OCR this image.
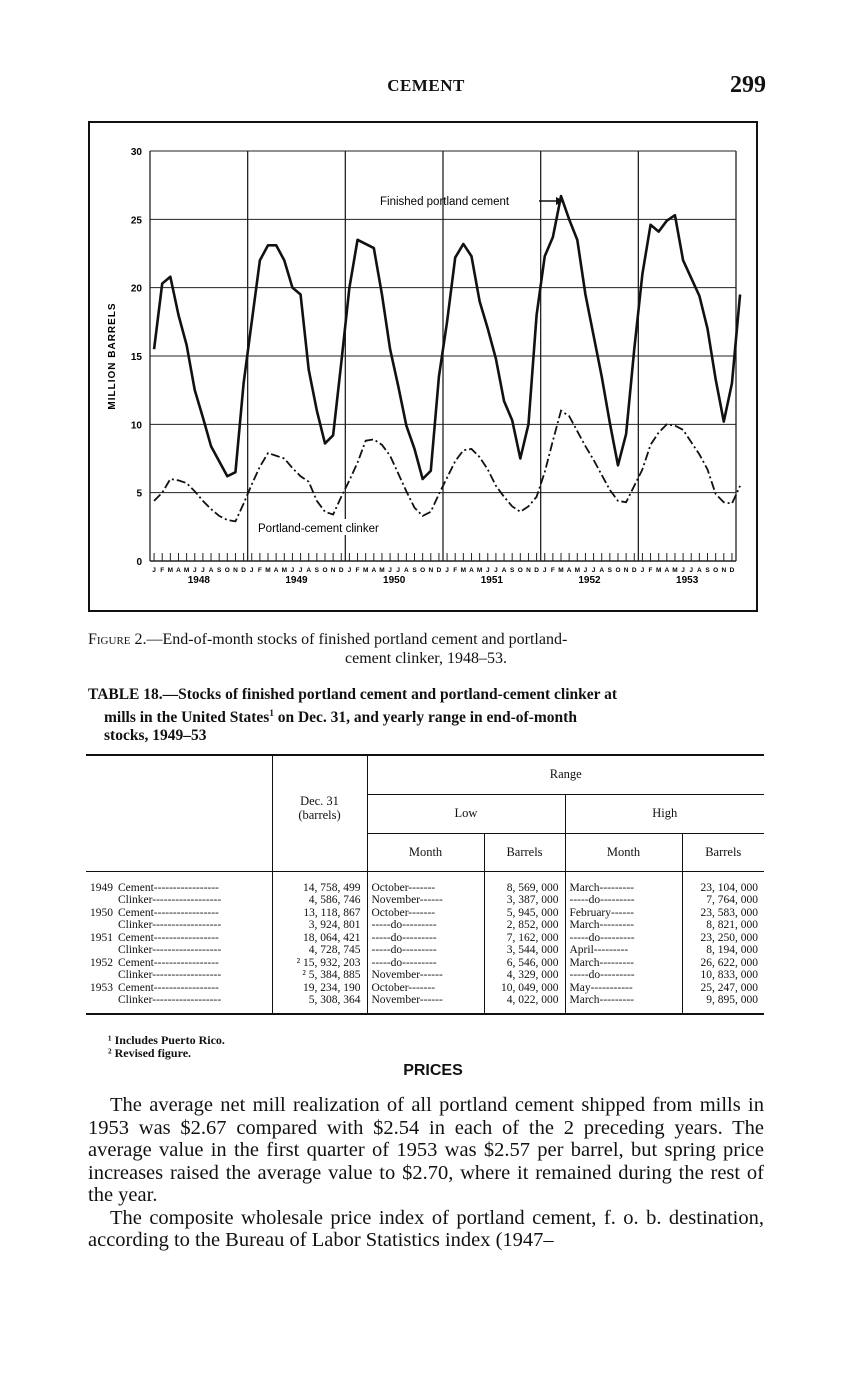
CEMENT	299
0
5
10
15
20
25
30
J F M A M J J A S O N D J F M A M J J A S O N D J F M A M J J A S O N D J F M A M J J A S O N D J F M A M J J A S O N D J F M A M J J A S O N D
1948	1949	1950	1951	1952	1953
MILLION BARRELS
Finished portland cement
Portland-cement clinker
Figure 2.—End-of-month stocks of finished portland cement and portland-
cement clinker, 1948–53.
TABLE 18.—Stocks of finished portland cement and portland-cement clinker at
mills in the United States$^1$ on Dec. 31, and yearly range in end-of-month
stocks, 1949–53
		Range			
	Dec. 31
(barrels)	Low		High	
		Month	Barrels	Month	Barrels

1949 Cement-----------------	14, 758, 499	October-------	8, 569, 000	March---------	23, 104, 000
Clinker------------------	4, 586, 746	November------	3, 387, 000	-----do---------	7, 764, 000
1950 Cement-----------------	13, 118, 867	October-------	5, 945, 000	February------	23, 583, 000
Clinker------------------	3, 924, 801	-----do---------	2, 852, 000	March---------	8, 821, 000
1951 Cement-----------------	18, 064, 421	-----do---------	7, 162, 000	-----do---------	23, 250, 000
Clinker------------------	4, 728, 745	-----do---------	3, 544, 000	April---------	8, 194, 000
1952 Cement-----------------	² 15, 932, 203	-----do---------	6, 546, 000	March---------	26, 622, 000
Clinker------------------	² 5, 384, 885	November------	4, 329, 000	-----do---------	10, 833, 000
1953 Cement-----------------	19, 234, 190	October-------	10, 049, 000	May-----------	25, 247, 000
Clinker------------------	5, 308, 364	November------	4, 022, 000	March---------	9, 895, 000

¹ Includes Puerto Rico.
² Revised figure.
PRICES

The average net mill realization of all portland cement shipped from mills in 1953 was $2.67 compared with $2.54 in each of the 2 preceding years. The average value in the first quarter of 1953 was $2.57 per barrel, but spring price increases raised the average value to $2.70, where it remained during the rest of the year.

The composite wholesale price index of portland cement, f. o. b. destination, according to the Bureau of Labor Statistics index (1947–
